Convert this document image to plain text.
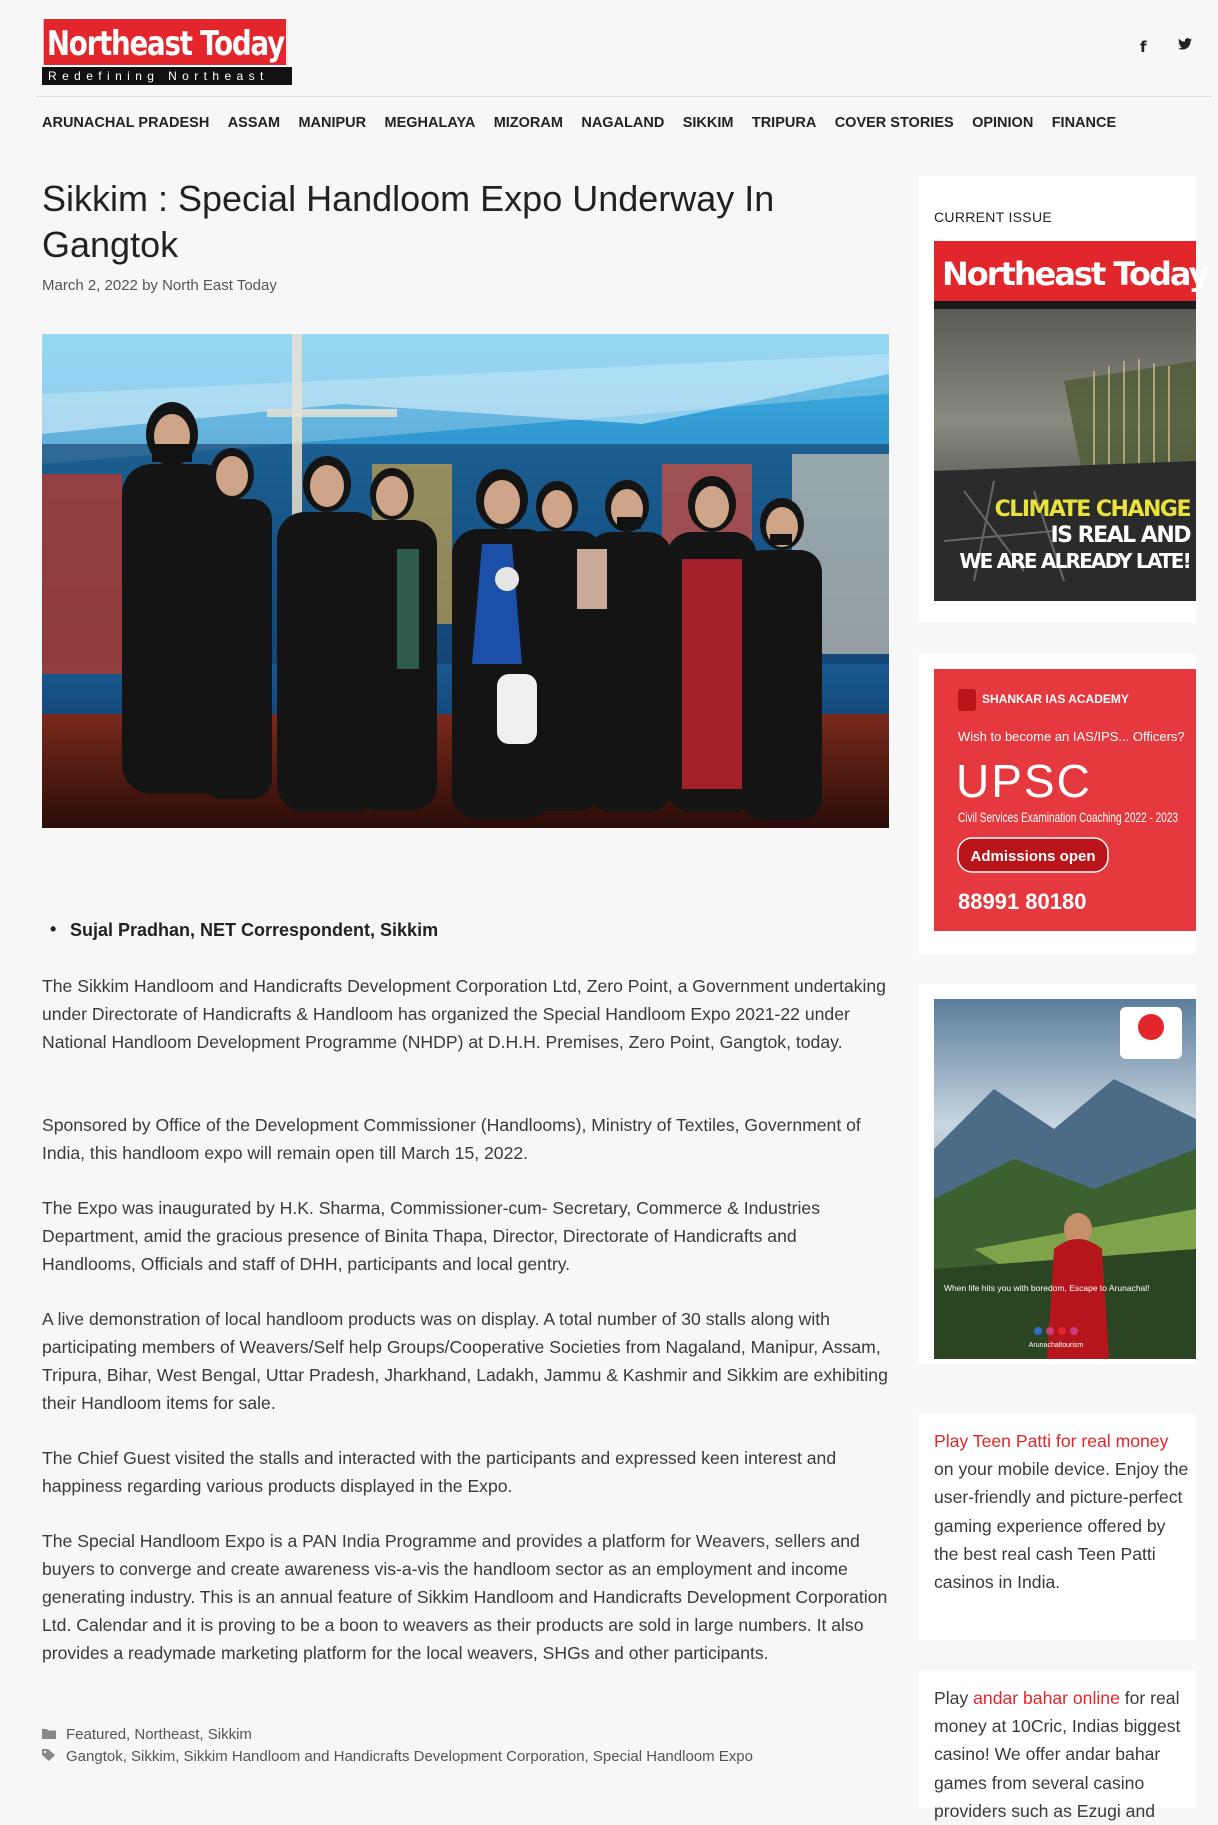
Northeast Today
Redefining Northeast
f
ARUNACHAL PRADESH ASSAM MANIPUR MEGHALAYA MIZORAM NAGALAND SIKKIM TRIPURA COVER STORIES OPINION FINANCE
Sikkim : Special Handloom Expo Underway In Gangtok
March 2, 2022 by North East Today
• Sujal Pradhan, NET Correspondent, Sikkim

The Sikkim Handloom and Handicrafts Development Corporation Ltd, Zero Point, a Government undertaking under Directorate of Handicrafts & Handloom has organized the Special Handloom Expo 2021-22 under National Handloom Development Programme (NHDP) at D.H.H. Premises, Zero Point, Gangtok, today.

Sponsored by Office of the Development Commissioner (Handlooms), Ministry of Textiles, Government of India, this handloom expo will remain open till March 15, 2022.

The Expo was inaugurated by H.K. Sharma, Commissioner-cum- Secretary, Commerce & Industries Department, amid the gracious presence of Binita Thapa, Director, Directorate of Handicrafts and Handlooms, Officials and staff of DHH, participants and local gentry.

A live demonstration of local handloom products was on display. A total number of 30 stalls along with participating members of Weavers/Self help Groups/Cooperative Societies from Nagaland, Manipur, Assam, Tripura, Bihar, West Bengal, Uttar Pradesh, Jharkhand, Ladakh, Jammu & Kashmir and Sikkim are exhibiting their Handloom items for sale.

The Chief Guest visited the stalls and interacted with the participants and expressed keen interest and happiness regarding various products displayed in the Expo.

The Special Handloom Expo is a PAN India Programme and provides a platform for Weavers, sellers and buyers to converge and create awareness vis-a-vis the handloom sector as an employment and income generating industry. This is an annual feature of Sikkim Handloom and Handicrafts Development Corporation Ltd. Calendar and it is proving to be a boon to weavers as their products are sold in large numbers. It also provides a readymade marketing platform for the local weavers, SHGs and other participants.

Featured, Northeast, Sikkim
Gangtok, Sikkim, Sikkim Handloom and Handicrafts Development Corporation, Special Handloom Expo
CURRENT ISSUE
Northeast Today
CLIMATE CHANGE
IS REAL AND
WE ARE ALREADY LATE!
SHANKAR IAS ACADEMY
Wish to become an IAS/IPS... Officers?
UPSC
Civil Services Examination Coaching 2022 - 2023
Admissions open
88991 80180
When life hits you with boredom, Escape to Arunachal!
Arunachaltourism

Play Teen Patti for real money on your mobile device. Enjoy the user-friendly and picture-perfect gaming experience offered by the best real cash Teen Patti casinos in India.

Play andar bahar online for real money at 10Cric, Indias biggest casino! We offer andar bahar games from several casino providers such as Ezugi and
